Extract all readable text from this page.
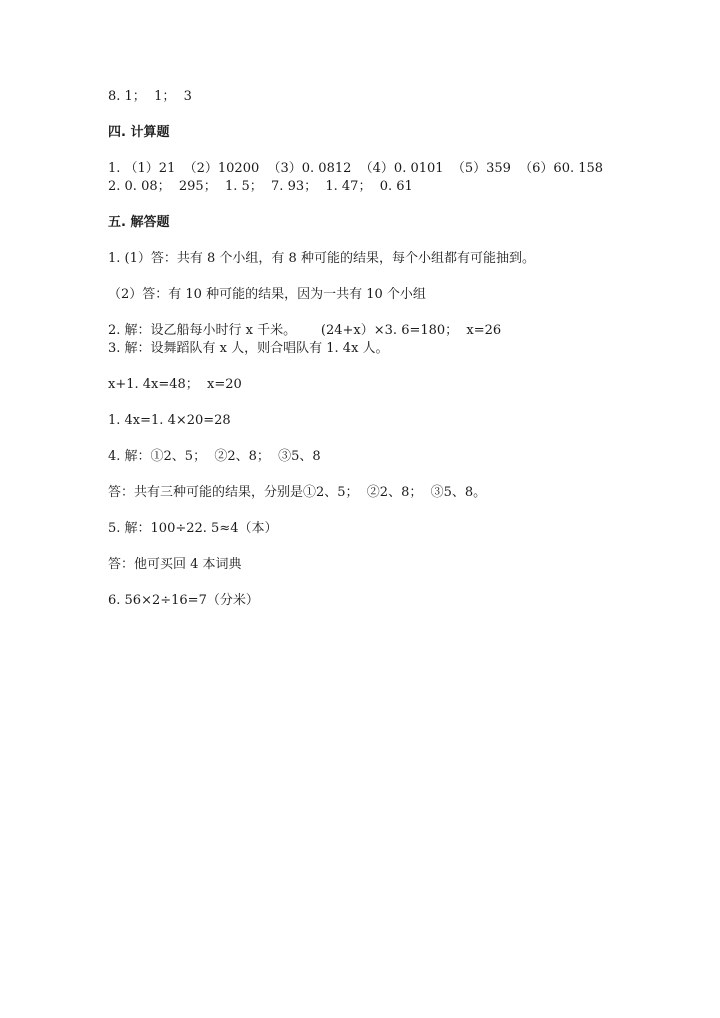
8. 1；  1；  3
四. 计算题
1. （1）21  （2）10200  （3）0. 0812  （4）0. 0101  （5）359  （6）60. 158
2. 0. 08；  295；  1. 5；  7. 93；  1. 47；  0. 61
五. 解答题
1. (1）答：共有 8 个小组，有 8 种可能的结果，每个小组都有可能抽到。
（2）答：有 10 种可能的结果，因为一共有 10 个小组
2. 解：设乙船每小时行 x 千米。      (24+x）×3. 6=180；  x=26
3. 解：设舞蹈队有 x 人，则合唱队有 1. 4x 人。
x+1. 4x=48；  x=20
1. 4x=1. 4×20=28
4. 解：①2、5；  ②2、8；  ③5、8
答：共有三种可能的结果，分别是①2、5；  ②2、8；  ③5、8。
5. 解：100÷22. 5≈4（本）
答：他可买回 4 本词典
6. 56×2÷16=7（分米）
